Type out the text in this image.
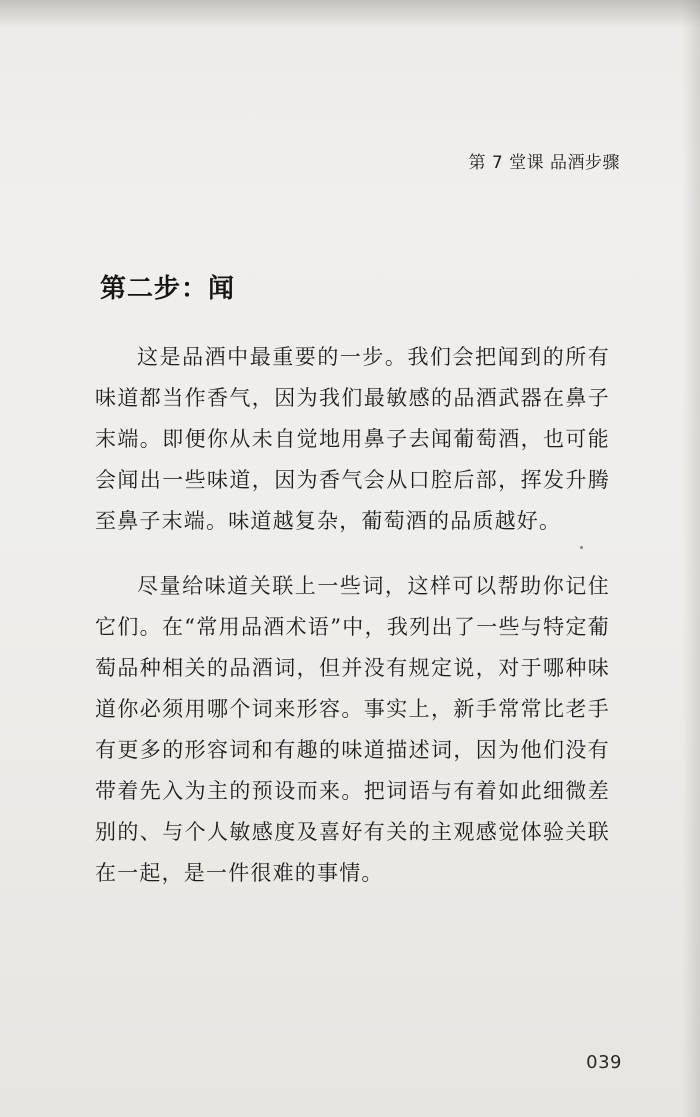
第 7 堂课 品酒步骤
第二步：闻

这是品酒中最重要的一步。我们会把闻到的所有味道都当作香气，因为我们最敏感的品酒武器在鼻子末端。即便你从未自觉地用鼻子去闻葡萄酒，也可能会闻出一些味道，因为香气会从口腔后部，挥发升腾至鼻子末端。味道越复杂，葡萄酒的品质越好。

尽量给味道关联上一些词，这样可以帮助你记住它们。在“常用品酒术语”中，我列出了一些与特定葡萄品种相关的品酒词，但并没有规定说，对于哪种味道你必须用哪个词来形容。事实上，新手常常比老手有更多的形容词和有趣的味道描述词，因为他们没有带着先入为主的预设而来。把词语与有着如此细微差别的、与个人敏感度及喜好有关的主观感觉体验关联在一起，是一件很难的事情。

039
